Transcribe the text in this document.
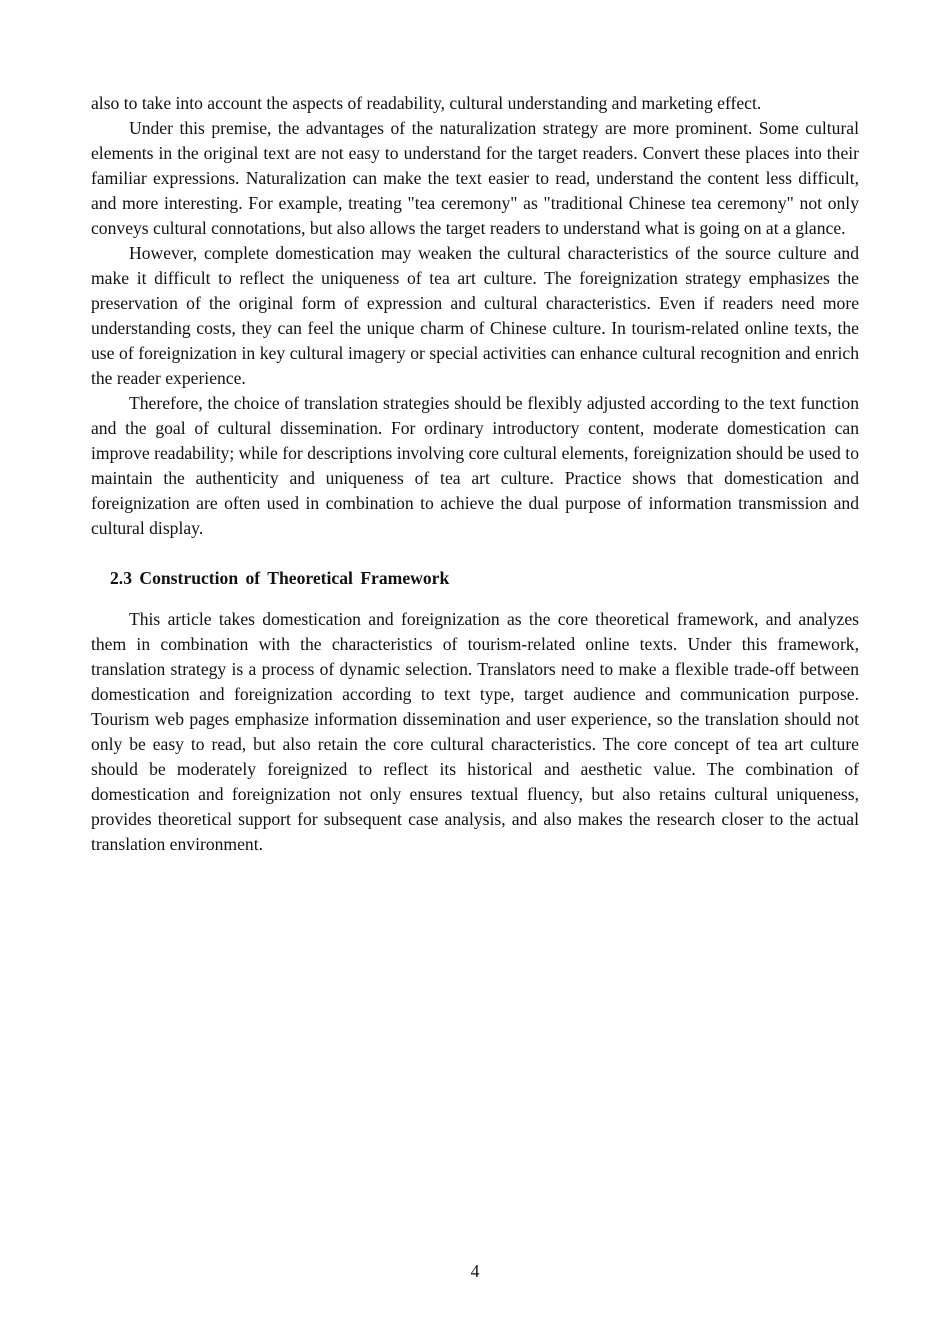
also to take into account the aspects of readability, cultural understanding and marketing effect.

Under this premise, the advantages of the naturalization strategy are more prominent. Some cultural elements in the original text are not easy to understand for the target readers. Convert these places into their familiar expressions. Naturalization can make the text easier to read, understand the content less difficult, and more interesting. For example, treating "tea ceremony" as "traditional Chinese tea ceremony" not only conveys cultural connotations, but also allows the target readers to understand what is going on at a glance.

However, complete domestication may weaken the cultural characteristics of the source culture and make it difficult to reflect the uniqueness of tea art culture. The foreignization strategy emphasizes the preservation of the original form of expression and cultural characteristics. Even if readers need more understanding costs, they can feel the unique charm of Chinese culture. In tourism-related online texts, the use of foreignization in key cultural imagery or special activities can enhance cultural recognition and enrich the reader experience.

Therefore, the choice of translation strategies should be flexibly adjusted according to the text function and the goal of cultural dissemination. For ordinary introductory content, moderate domestication can improve readability; while for descriptions involving core cultural elements, foreignization should be used to maintain the authenticity and uniqueness of tea art culture. Practice shows that domestication and foreignization are often used in combination to achieve the dual purpose of information transmission and cultural display.

2.3 Construction of Theoretical Framework

This article takes domestication and foreignization as the core theoretical framework, and analyzes them in combination with the characteristics of tourism-related online texts. Under this framework, translation strategy is a process of dynamic selection. Translators need to make a flexible trade-off between domestication and foreignization according to text type, target audience and communication purpose. Tourism web pages emphasize information dissemination and user experience, so the translation should not only be easy to read, but also retain the core cultural characteristics. The core concept of tea art culture should be moderately foreignized to reflect its historical and aesthetic value. The combination of domestication and foreignization not only ensures textual fluency, but also retains cultural uniqueness, provides theoretical support for subsequent case analysis, and also makes the research closer to the actual translation environment.

4
